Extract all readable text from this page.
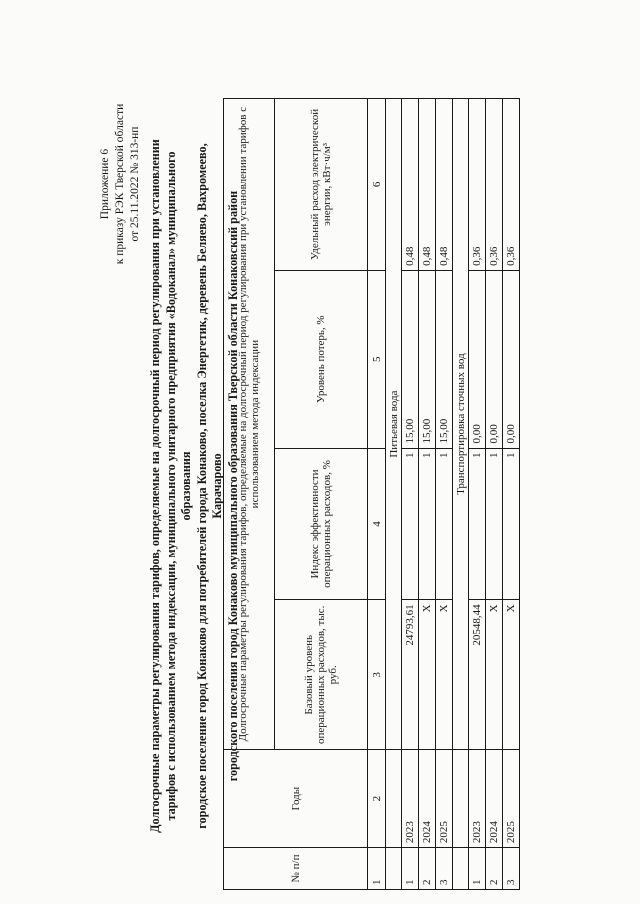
Приложение 6 к приказу РЭК Тверской области от 25.11.2022 № 313-нп Долгосрочные параметры регулирования тарифов, определяемые на долгосрочный период регулирования при установлении тарифов с использованием метода индексации, муниципального унитарного предприятия «Водоканал» муниципального образования городское поселение город Конаково для потребителей города Конаково, поселка Энергетик, деревень Беляево, Вахромеево, Карачарово городского поселения город Конаково муниципального образования Тверской области Конаковский район
№ п/п	Годы	Долгосрочные параметры регулирования тарифов, определяемые на долгосрочный период регулирования при установлении тарифов с использованием метода индексации			
		Базовый уровень операционных расходов, тыс. руб.	Индекс эффективности операционных расходов, %	Уровень потерь, %	Удельный расход электрической энергии, кВт·ч/м³
1	2	3	4	5	6
		Питьевая вода			
1	2023	24793,61	1	15,00	0,48
2	2024	X	1	15,00	0,48
3	2025	X	1	15,00	0,48
		Транспортировка сточных вод			
1	2023	20548,44	1	0,00	0,36
2	2024	X	1	0,00	0,36
3	2025	X	1	0,00	0,36
